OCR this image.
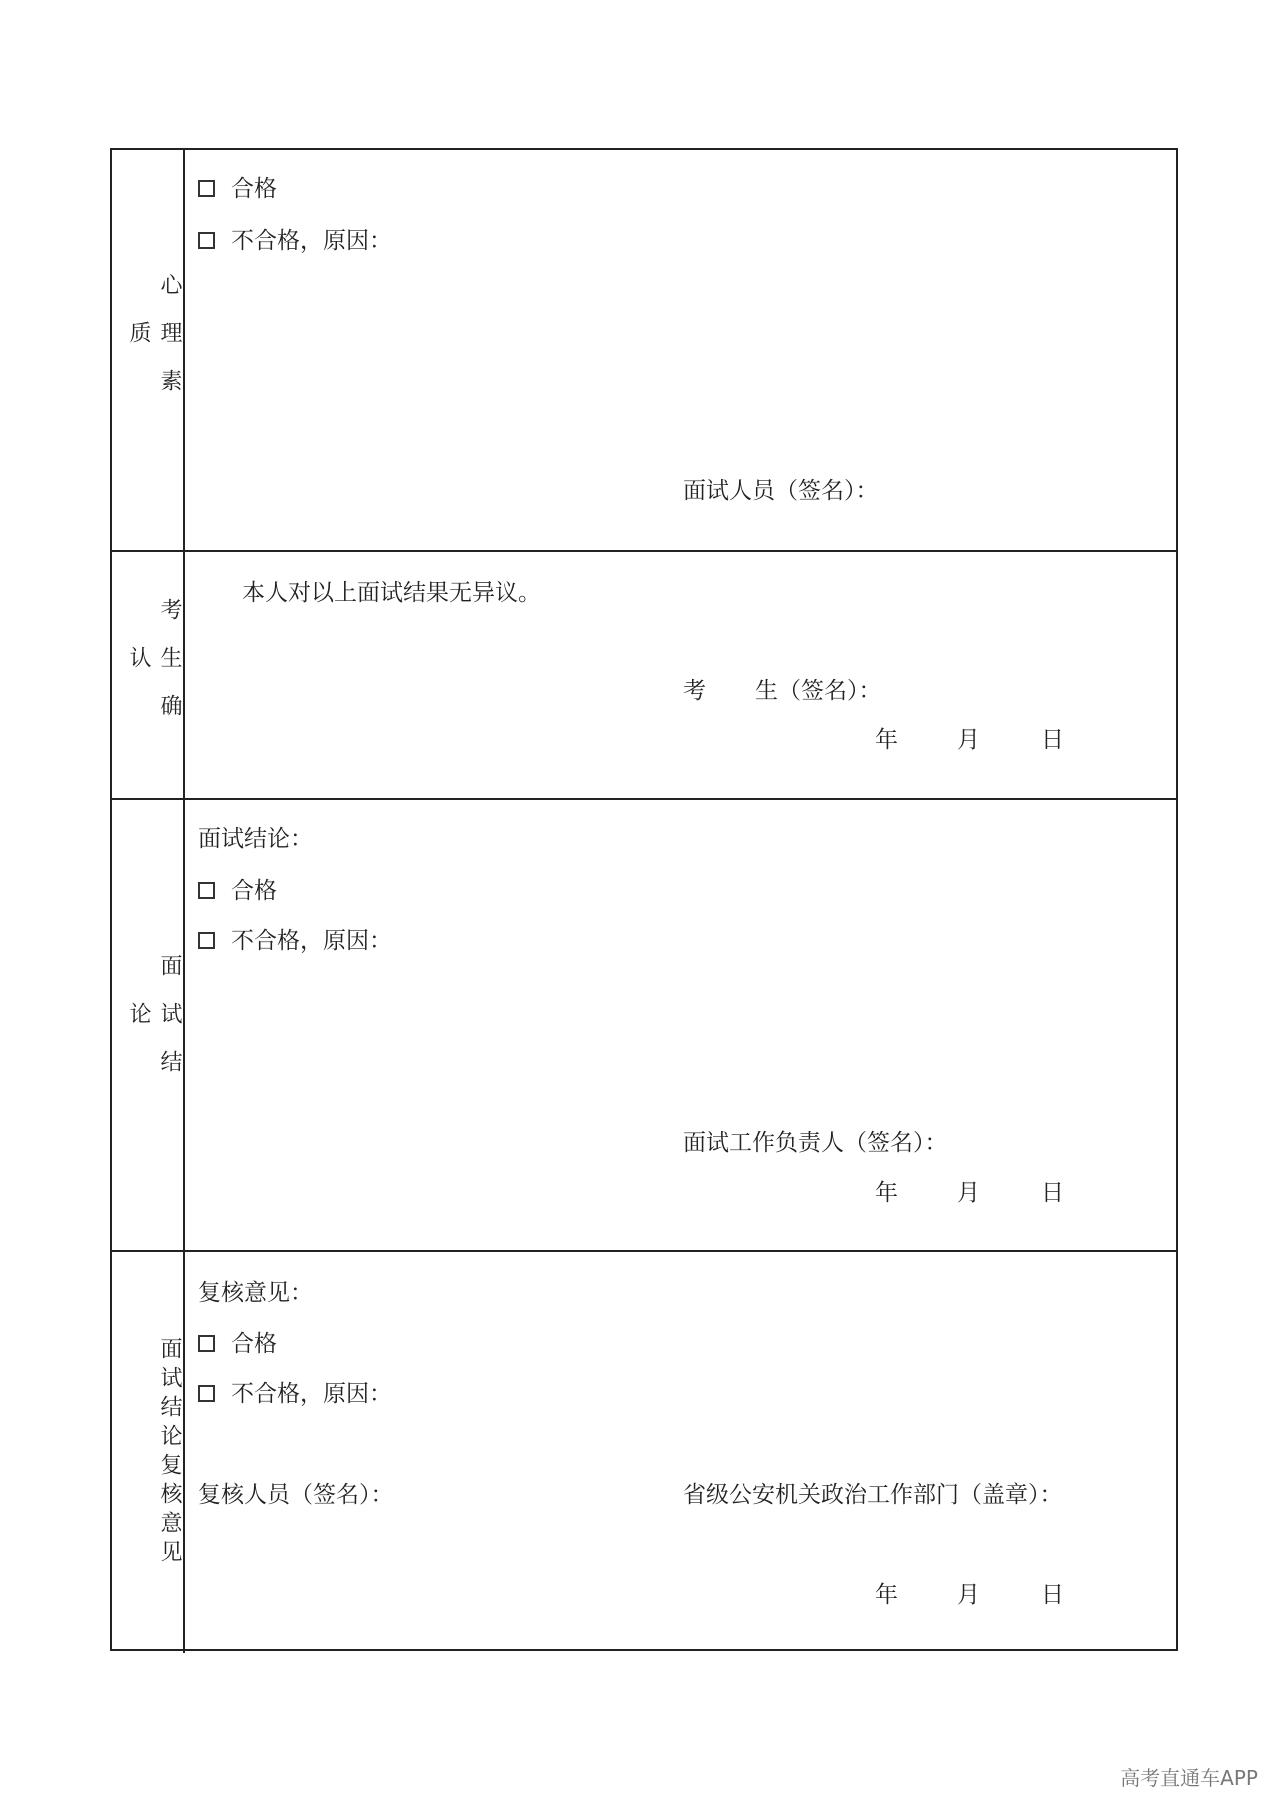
心理素质
合格
不合格，原因：
面试人员（签名）：
考生确认
本人对以上面试结果无异议。
考 生（签名）：
年	月	日
面试结论
面试结论：
合格
不合格，原因：
面试工作负责人（签名）：
年	月	日
面试结论复核意见
复核意见：
合格
不合格，原因：
复核人员（签名）：	省级公安机关政治工作部门（盖章）：
年	月	日
高考直通车APP
